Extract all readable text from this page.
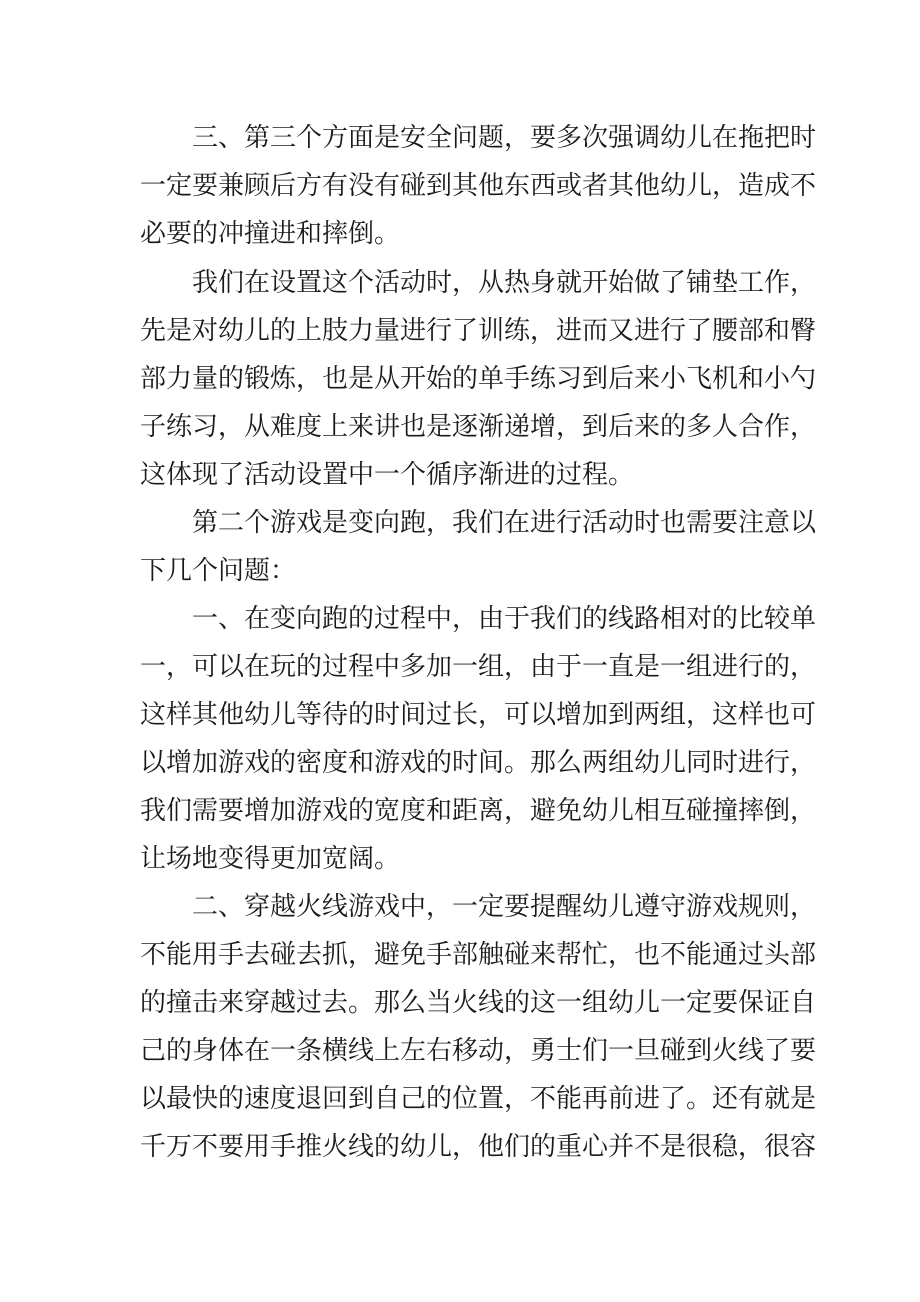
三、第三个方面是安全问题，要多次强调幼儿在拖把时
一定要兼顾后方有没有碰到其他东西或者其他幼儿，造成不
必要的冲撞进和摔倒。
我们在设置这个活动时，从热身就开始做了铺垫工作，
先是对幼儿的上肢力量进行了训练，进而又进行了腰部和臀
部力量的锻炼，也是从开始的单手练习到后来小飞机和小勺
子练习，从难度上来讲也是逐渐递增，到后来的多人合作，
这体现了活动设置中一个循序渐进的过程。
第二个游戏是变向跑，我们在进行活动时也需要注意以
下几个问题：
一、在变向跑的过程中，由于我们的线路相对的比较单
一，可以在玩的过程中多加一组，由于一直是一组进行的，
这样其他幼儿等待的时间过长，可以增加到两组，这样也可
以增加游戏的密度和游戏的时间。那么两组幼儿同时进行，
我们需要增加游戏的宽度和距离，避免幼儿相互碰撞摔倒，
让场地变得更加宽阔。
二、穿越火线游戏中，一定要提醒幼儿遵守游戏规则，
不能用手去碰去抓，避免手部触碰来帮忙，也不能通过头部
的撞击来穿越过去。那么当火线的这一组幼儿一定要保证自
己的身体在一条横线上左右移动，勇士们一旦碰到火线了要
以最快的速度退回到自己的位置，不能再前进了。还有就是
千万不要用手推火线的幼儿，他们的重心并不是很稳，很容
